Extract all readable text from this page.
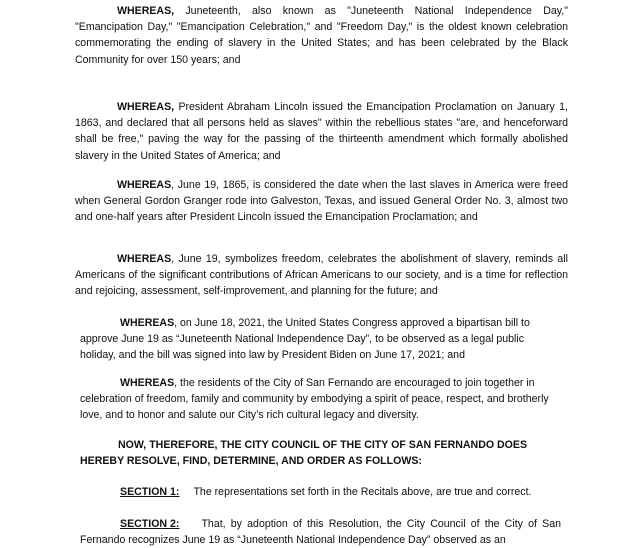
WHEREAS, Juneteenth, also known as "Juneteenth National Independence Day," "Emancipation Day," "Emancipation Celebration," and "Freedom Day," is the oldest known celebration commemorating the ending of slavery in the United States; and has been celebrated by the Black Community for over 150 years; and

WHEREAS, President Abraham Lincoln issued the Emancipation Proclamation on January 1, 1863, and declared that all persons held as slaves" within the rebellious states "are, and henceforward shall be free," paving the way for the passing of the thirteenth amendment which formally abolished slavery in the United States of America; and

WHEREAS, June 19, 1865, is considered the date when the last slaves in America were freed when General Gordon Granger rode into Galveston, Texas, and issued General Order No. 3, almost two and one-half years after President Lincoln issued the Emancipation Proclamation; and

WHEREAS, June 19, symbolizes freedom, celebrates the abolishment of slavery, reminds all Americans of the significant contributions of African Americans to our society, and is a time for reflection and rejoicing, assessment, self-improvement, and planning for the future; and

WHEREAS, on June 18, 2021, the United States Congress approved a bipartisan bill to approve June 19 as “Juneteenth National Independence Day”, to be observed as a legal public holiday, and the bill was signed into law by President Biden on June 17, 2021; and

WHEREAS, the residents of the City of San Fernando are encouraged to join together in celebration of freedom, family and community by embodying a spirit of peace, respect, and brotherly love, and to honor and salute our City’s rich cultural legacy and diversity.

NOW, THEREFORE, THE CITY COUNCIL OF THE CITY OF SAN FERNANDO DOES HEREBY RESOLVE, FIND, DETERMINE, AND ORDER AS FOLLOWS:

SECTION 1: The representations set forth in the Recitals above, are true and correct.

SECTION 2: That, by adoption of this Resolution, the City Council of the City of San Fernando recognizes June 19 as “Juneteenth National Independence Day” observed as an
